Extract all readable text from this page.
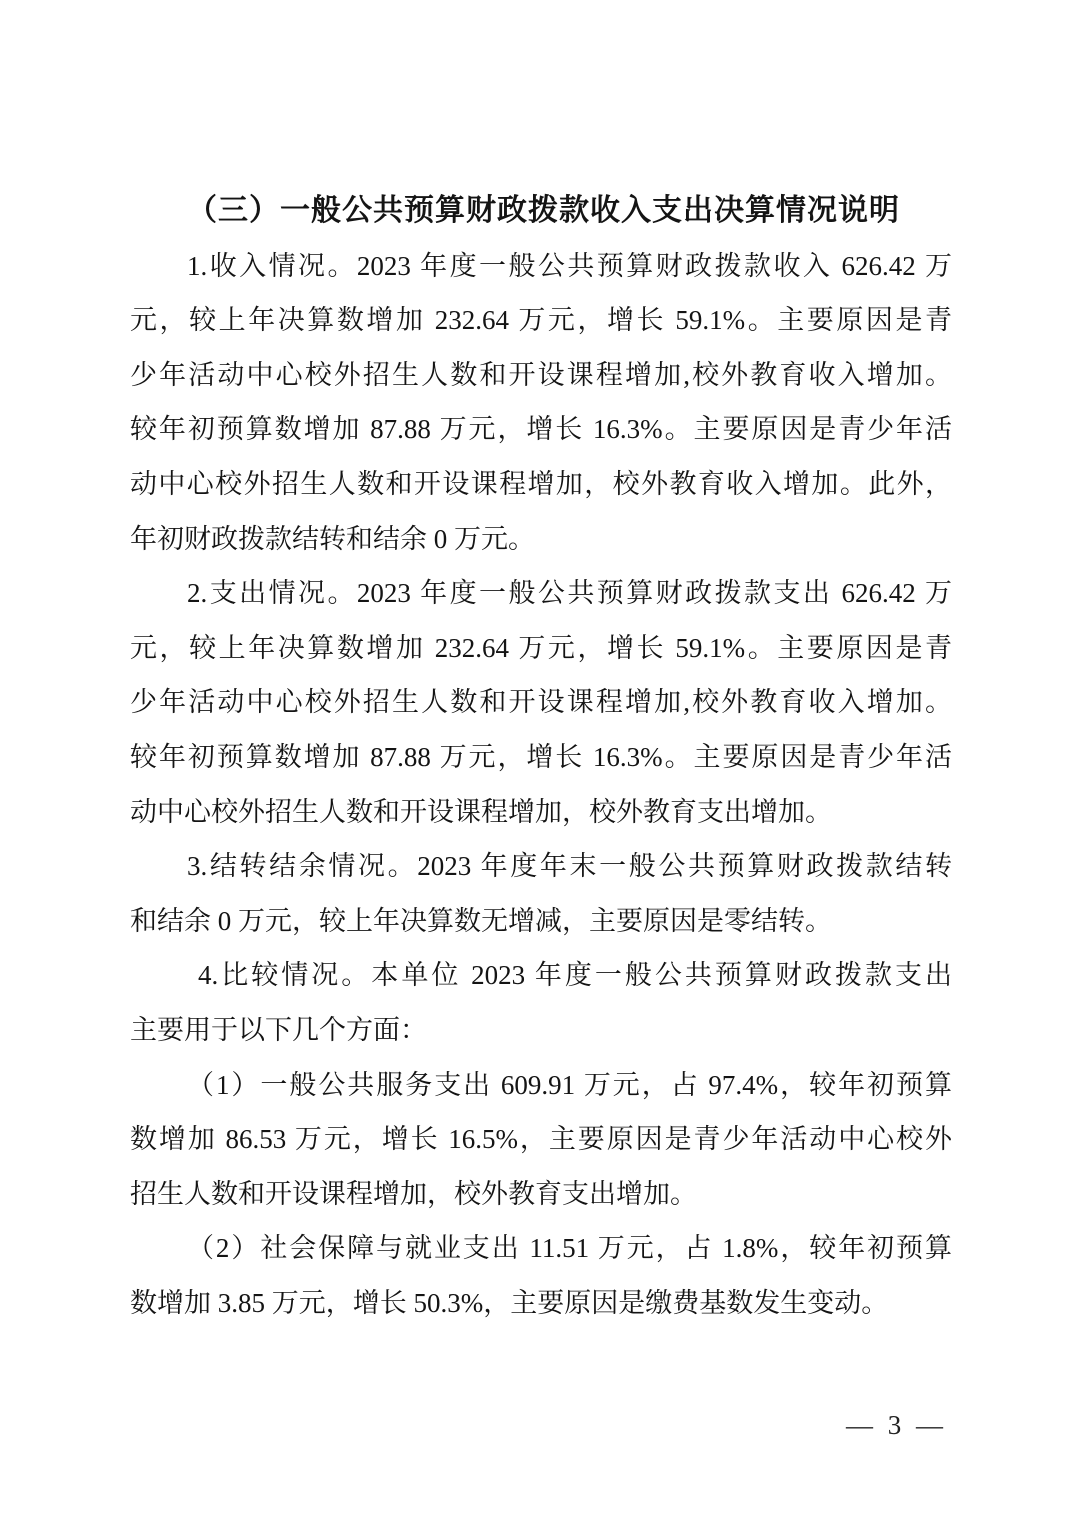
（三）一般公共预算财政拨款收入支出决算情况说明
1.收入情况。2023 年度一般公共预算财政拨款收入 626.42 万
元，较上年决算数增加 232.64 万元，增长 59.1%。主要原因是青
少年活动中心校外招生人数和开设课程增加,校外教育收入增加。
较年初预算数增加 87.88 万元，增长 16.3%。主要原因是青少年活
动中心校外招生人数和开设课程增加，校外教育收入增加。此外，
年初财政拨款结转和结余 0 万元。
2.支出情况。2023 年度一般公共预算财政拨款支出 626.42 万
元，较上年决算数增加 232.64 万元，增长 59.1%。主要原因是青
少年活动中心校外招生人数和开设课程增加,校外教育收入增加。
较年初预算数增加 87.88 万元，增长 16.3%。主要原因是青少年活
动中心校外招生人数和开设课程增加，校外教育支出增加。
3.结转结余情况。2023 年度年末一般公共预算财政拨款结转
和结余 0 万元，较上年决算数无增减，主要原因是零结转。
4.比较情况。本单位 2023 年度一般公共预算财政拨款支出
主要用于以下几个方面：
（1）一般公共服务支出 609.91 万元，占 97.4%，较年初预算
数增加 86.53 万元，增长 16.5%，主要原因是青少年活动中心校外
招生人数和开设课程增加，校外教育支出增加。
（2）社会保障与就业支出 11.51 万元，占 1.8%，较年初预算
数增加 3.85 万元，增长 50.3%，主要原因是缴费基数发生变动。
— 3 —
